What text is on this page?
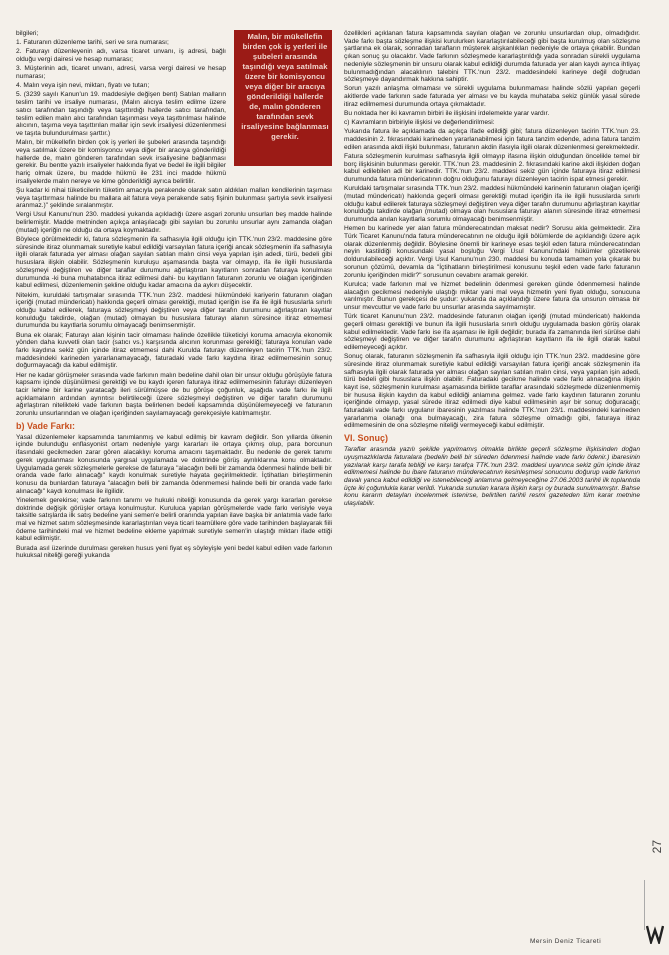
Malın, bir mükellefin birden çok iş yerleri ile şubeleri arasında taşındığı veya satılmak üzere bir komisyoncu veya diğer bir aracıya gönderildiği hallerde de, malın gönderen tarafından sevk irsaliyesine bağlanması gerekir.

bilgileri;

1. Faturanın düzenleme tarihi, seri ve sıra numarası;

2. Faturayı düzenleyenin adı, varsa ticaret unvanı, iş adresi, bağlı olduğu vergi dairesi ve hesap numarası;

3. Müşterinin adı, ticaret unvanı, adresi, varsa vergi dairesi ve hesap numarası;

4. Malın veya işin nevi, miktarı, fiyatı ve tutarı;

5. (3239 sayılı Kanun'un 19. maddesiyle değişen bent) Satılan malların teslim tarihi ve irsaliye numarası, (Malın alıcıya teslim edilme üzere satıcı tarafından taşındığı veya taşıttırdığı hallerde satıcı tarafından, teslim edilen malın alıcı tarafından taşınması veya taşıttırılması halinde alıcının, taşıma veya taşıttırılan mallar için sevk irsaliyesi düzenlenmesi ve taşıta bulundurulması şarttır.)

Malın, bir mükellefin birden çok iş yerleri ile şubeleri arasında taşındığı veya satılmak üzere bir komisyoncu veya diğer bir aracıya gönderildiği hallerde de, malın gönderen tarafından sevk irsaliyesine bağlanması gerekir. Bu bentte yazılı irsaliyeler hakkında fiyat ve bedel ile ilgili bilgiler hariç olmak üzere, bu madde hükmü ile 231 inci madde hükmü irsaliyelerde malın nereye ve kime gönderildiği ayrıca belirtilir.

Şu kadar ki nihai tüketicilerin tüketim amacıyla perakende olarak satın aldıkları malları kendilerinin taşıması veya taşıttırması halinde bu mallara ait fatura veya perakende satış fişinin bulunması şartıyla sevk irsaliyesi aranmaz.)" şeklinde sıralanmıştır.

Vergi Usul Kanunu'nun 230. maddesi yukarıda açıkladığı üzere asgari zorunlu unsurları beş madde halinde belirlemiştir. Madde metninden açıkça anlaşılacağı gibi sayılan bu zorunlu unsurlar aynı zamanda olağan (mutad) içeriğin ne olduğu da ortaya koymaktadır.

Böylece görülmektedir ki, fatura sözleşmenin ifa safhasıyla ilgili olduğu için TTK.'nun 23/2. maddesine göre süresinde itiraz olunmamak suretiyle kabul edildiği varsayılan fatura içeriği ancak sözleşmenin ifa safhasıyla ilgili olarak faturada yer alması olağan sayılan satılan malın cinsi veya yapılan işin adedi, türü, bedeli gibi hususlara ilişkin olabilir. Sözleşmenin kuruluşu aşamasında başta var olmayıp, ifa ile ilgili hususlarda sözleşmeyi değiştiren ve diğer taraflar durumunu ağırlaştıran kayıtların sonradan faturaya konulması durumunda -ki buna muhatabınca itiraz edilmesi dahi- bu kayıtların faturanın zorunlu ve olağan içeriğinden kabul edilmesi, düzenlemenin şekline olduğu kadar amacına da aykırı düşecektir.

Nitekim, kuruldaki tartışmalar sırasında TTK.'nun 23/2. maddesi hükmündeki kariyerin faturanın olağan içeriği (mutad mündericatı) hakkında geçerli olması gerektiği, mutad içeriğin ise ifa ile ilgili hususlarla sınırlı olduğu kabul edilerek, faturaya sözleşmeyi değiştiren veya diğer tarafın durumunu ağırlaştıran kayıtlar konulduğu takdirde, olağan (mutad) olmayan bu hususlara faturayı alanın süresince itiraz etmemesi durumunda bu kayıtlarla sorumlu olmayacağı benimsenmiştir.

Buna ek olarak; Faturayı alan kişinin tacir olmaması halinde özellikle tüketiciyi koruma amacıyla ekonomik yönden daha kuvvetli olan tacir (satıcı vs.) karşısında alıcının korunması gerekliği; faturaya konulan vade farkı kaydına sekiz gün içinde itiraz etmemesi dahi Kurulda faturayı düzenleyen tacirin TTK.'nun 23/2. maddesindeki karineden yararlanamayacağı, faturadaki vade farkı kaydına itiraz edilmemesinin sonuç doğurmayacağı da kabul edilmiştir.

Her ne kadar görüşmeler sırasında vade farkının malın bedeline dahil olan bir unsur olduğu görüşüyle fatura kapsamı içinde düşünülmesi gerektiği ve bu kaydı içeren faturaya itiraz edilmemesinin faturayı düzenleyen tacir lehine bir karine yaratacağı ileri sürülmüşse de bu görüşe çoğunluk, aşağıda vade farkı ile ilgili açıklamaların ardından ayrıntısı belirtileceği üzere sözleşmeyi değiştiren ve diğer tarafın durumunu ağırlaştıran nitelikteki vade farkının başta belirlenen bedeli kapsamında düşünülemeyeceği ve faturanın zorunlu unsurlarından ve olağan içeriğinden sayılamayacağı gerekçesiyle katılmamıştır.

b) Vade Farkı:

Yasal düzenlemeler kapsamında tanımlanmış ve kabul edilmiş bir kavram değildir. Son yıllarda ülkenin içinde bulunduğu enflasyonist ortam nedeniyle yargı kararları ile ortaya çıkmış olup, para borcunun ifasındaki gecikmeden zarar gören alacaklıyı koruma amacını taşımaktadır. Bu nedenle de gerek tanımı gerek uygulanması konusunda yargısal uygulamada ve doktrinde görüş ayrılıklarına konu olmaktadır. Uygulamada gerek sözleşmelerle gerekse de faturaya "alacağın belli bir zamanda ödenmesi halinde belli bir oranda vade farkı alınacağı" kaydı konulmak suretiyle hayata geçirilmektedir. İçtihatları birleştirmenin konusu da bunlardan faturaya "alacağın belli bir zamanda ödenmemesi halinde belli bir oranda vade farkı alınacağı" kaydı konulması ile ilgilidir.

Yinelemek gerekirse; vade farkının tanımı ve hukuki niteliği konusunda da gerek yargı kararları gerekse doktrinde değişik görüşler ortaya konulmuştur. Kuruluca yapılan görüşmelerde vade farkı verisiyle veya taksitle satışlarda ilk satış bedeline yani semen'e belirli oranında yapılan ilave başka bir anlatımla vade farkı mal ve hizmet satım sözleşmesinde kararlaştırılan veya ticari teamüllere göre vade tarihinden başlayarak fiili ödeme tarihindeki mal ve hizmet bedeline ekleme yapılmak suretiyle semen'in ulaştığı miktarı ifade ettiği kabul edilmiştir.

Burada asıl üzerinde durulması gereken husus yeni fiyat eş söyleyişle yeni bedel kabul edilen vade farkının hukuksal niteliği gereği yukarıda

özellikleri açıklanan fatura kapsamında sayılan olağan ve zorunlu unsurlardan olup, olmadığıdır. Vade farkı başta sözleşme ilişkisi kurulurken kararlaştırılabileceği gibi başta kurulmuş olan sözleşme şartlarına ek olarak, sonradan tarafların müşterek alışkanlıkları nedeniyle de ortaya çıkabilir. Bundan çıkan sonuç şu olacaktır. Vade farkının sözleşmede kararlaştırıldığı yada sonradan sürekli uygulama nedeniyle sözleşmenin bir unsuru olarak kabul edildiği durumda faturada yer alan kaydı ayrıca ihtiyaç bulunmadığından alacaklının talebini TTK.'nun 23/2. maddesindeki karineye değil doğrudan sözleşmeye dayandırmak hakkına sahiptir.

Sorun yazılı anlaşma olmaması ve sürekli uygulama bulunmaması halinde sözlü yapılan geçerli akitlerde vade farkının sade faturada yer alması ve bu kayda muhataba sekiz günlük yasal sürede itiraz edilmemesi durumunda ortaya çıkmaktadır.

Bu noktada her iki kavramın birbiri ile ilişkisini irdelemekte yarar vardır.

c) Kavramların birbiriyle ilişkisi ve değerlendirilmesi:

Yukarıda fatura ile açıklamada da açıkça ifade edildiği gibi; fatura düzenleyen tacirin TTK.'nun 23. maddesinin 2. fıkrasındaki karineden yararlanabilmesi için fatura tanzim edende, adına fatura tanzim edilen arasında akdi ilişki bulunması, faturanın akdin ifasıyla ilgili olarak düzenlenmesi gerekmektedir.

Fatura sözleşmenin kurulması safhasıyla ilgili olmayıp ifasına ilişkin olduğundan öncelikle temel bir borç ilişkisinin bulunması gerekir. TTK.'nun 23. maddesinin 2. fıkrasındaki karine akdi ilişkiden doğan kabul edilebilen adi bir karinedir. TTK.'nun 23/2. maddesi sekiz gün içinde faturaya itiraz edilmesi durumunda fatura mündericatının doğru olduğunu faturayı düzenleyen tacirin ispat etmesi gerekir.

Kuruldaki tartışmalar sırasında TTK.'nun 23/2. maddesi hükmündeki karinenin faturanın olağan içeriği (mutad mündericatı) hakkında geçerli olması gerektiği mutad içeriğin ifa ile ilgili hususlarda sınırlı olduğu kabul edilerek faturaya sözleşmeyi değiştiren veya diğer tarafın durumunu ağırlaştıran kayıtlar konulduğu takdirde olağan (mutad) olmaya olan hususlara faturayı alanın süresinde itiraz etmemesi durumunda anılan kayıtlarla sorumlu olmayacağı benimsenmiştir.

Hemen bu karinede yer alan fatura münderecatından maksat nedir? Sorusu akla gelmektedir. Zira Türk Ticaret Kanunu'nda fatura münderecatının ne olduğu ilgili bölümlerde de açıklandığı üzere açık olarak düzenlenmiş değildir. Böylesine önemli bir karineye esas teşkil eden fatura münderecatından neyin kastildiği konusundaki yasal boşluğu Vergi Usul Kanunu'ndaki hükümler gözetilerek doldurulabileceği açıktır. Vergi Usul Kanunu'nun 230. maddesi bu konuda tamamen yola çıkarak bu sorunun çözümü, devamla da "İçtihatların birleştirilmesi konusunu teşkil eden vade farkı faturanın zorunlu içeriğinden midir?" sorusunun cevabını aramak gerekir.

Kurulca; vade farkının mal ve hizmet bedelinin ödenmesi gereken günde ödenmemesi halinde alacağın gecikmesi nedeniyle ulaştığı miktar yani mal veya hizmetin yeni fiyatı olduğu, sonucuna varılmıştır. Bunun gerekçesi de şudur: yukarıda da açıklandığı üzere fatura da unsurun olmasa bir unsur mevcuttur ve vade farkı bu unsurlar arasında sayılmamıştır.

Türk ticaret Kanunu'nun 23/2. maddesinde faturanın olağan içeriği (mutad mündericatı) hakkında geçerli olması gerektiği ve bunun ifa ilgili hususlarla sınırlı olduğu uygulamada baskın görüş olarak kabul edilmektedir. Vade farkı ise ifa aşaması ile ilgili değildir; burada ifa zamanında ileri sürülse dahi sözleşmeyi değiştiren ve diğer tarafın durumunu ağırlaştıran kayıtların ifa ile ilgili olarak kabul edilemeyeceği açıktır.

Sonuç olarak, faturanın sözleşmenin ifa safhasıyla ilgili olduğu için TTK.'nun 23/2. maddesine göre süresinde itiraz olunmamak suretiyle kabul edildiği varsayılan fatura içeriği ancak sözleşmenin ifa safhasıyla ilgili olarak faturada yer alması olağan sayılan satılan malın cinsi, veya yapılan işin adedi, türü bedeli gibi hususlara ilişkin olabilir. Faturadaki gecikme halinde vade farkı alınacağına ilişkin kayıt ise, sözleşmenin kurulması aşamasında birlikte taraflar arasındaki sözleşmede düzenlenmemiş bir hususa ilişkin kaydın da kabul edildiği anlamına gelmez. vade farkı kaydının faturanın zorunlu içeriğinde olmayıp, yasal sürede itiraz edilmedi diye kabul edilmesinin aşır bir sonuç doğuracağı; faturadaki vade farkı uygulanır ibaresinin yazılması halinde TTK.'nun 23/1. maddesindeki karineden yararlanma olanağı ona bulmayacağı, zira fatura sözleşme olmadığı gibi, faturaya itiraz edilmemesinin de ona sözleşme niteliği vermeyeceği kabul edilmiştir.

VI. Sonuç)

Taraflar arasında yazılı şekilde yapılmamış olmakla birlikte geçerli sözleşme ilişkisinden doğan uyuşmazlıklarda faturalara (bedelin belli bir süreden ödenmesi halinde vade farkı ödenir.) ibaresinin yazılarak karşı tarafa tebliği ve karşı tarafça TTK.'nun 23/2. maddesi uyarınca sekiz gün içinde itiraz edilmemesi halinde bu ibare faturanın münderecatının kesinleşmesi sonucunu doğurup vade farkının davalı yanca kabul edildiği ve istenebileceği anlamına gelmeyeceğine 27.06.2003 tarihli ilk toplantıda üçte iki çoğunlukla karar verildi. Yukarıda sunulan karara ilişkin karşı oy burada sunulmamıştır. Bahse konu kararın detayları incelenmek istenirse, belirtilen tarihli resmi gazeteden tüm karar metnine ulaşılabilir.

27
Mersin Deniz Ticareti
